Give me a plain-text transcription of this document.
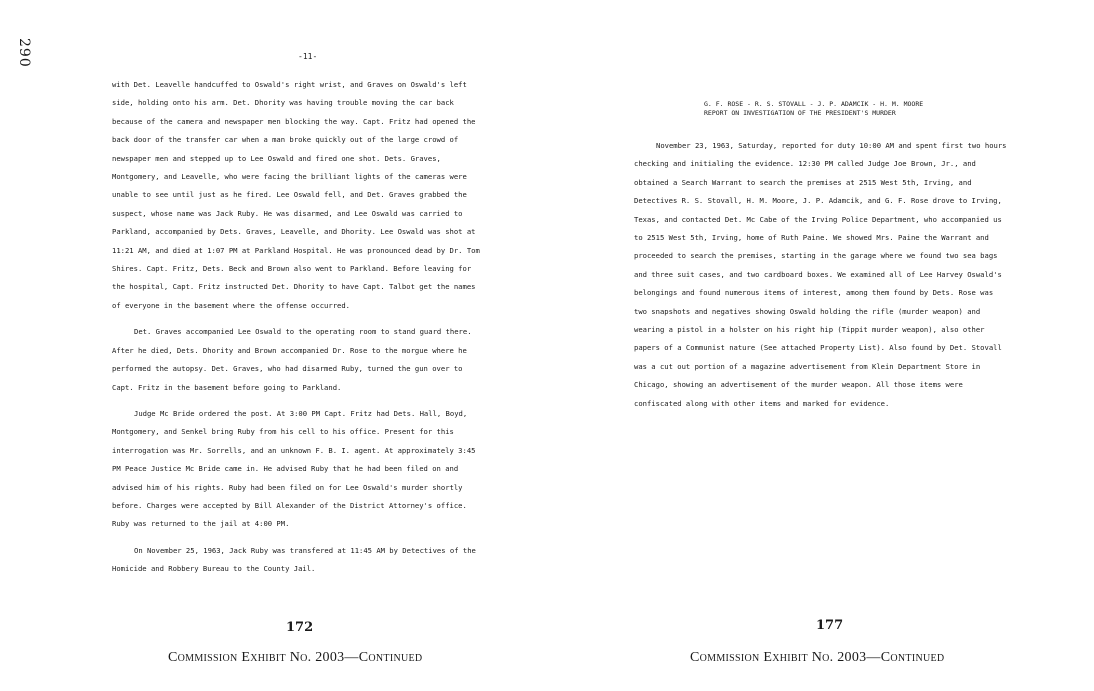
290	-11-

with Det. Leavelle handcuffed to Oswald's right wrist, and Graves on Oswald's left side, holding onto his arm. Det. Dhority was having trouble moving the car back because of the camera and newspaper men blocking the way. Capt. Fritz had opened the back door of the transfer car when a man broke quickly out of the large crowd of newspaper men and stepped up to Lee Oswald and fired one shot. Dets. Graves, Montgomery, and Leavelle, who were facing the brilliant lights of the cameras were unable to see until just as he fired. Lee Oswald fell, and Det. Graves grabbed the suspect, whose name was Jack Ruby. He was disarmed, and Lee Oswald was carried to Parkland, accompanied by Dets. Graves, Leavelle, and Dhority. Lee Oswald was shot at 11:21 AM, and died at 1:07 PM at Parkland Hospital. He was pronounced dead by Dr. Tom Shires. Capt. Fritz, Dets. Beck and Brown also went to Parkland. Before leaving for the hospital, Capt. Fritz instructed Det. Dhority to have Capt. Talbot get the names of everyone in the basement where the offense occurred.

Det. Graves accompanied Lee Oswald to the operating room to stand guard there. After he died, Dets. Dhority and Brown accompanied Dr. Rose to the morgue where he performed the autopsy. Det. Graves, who had disarmed Ruby, turned the gun over to Capt. Fritz in the basement before going to Parkland.

Judge Mc Bride ordered the post. At 3:00 PM Capt. Fritz had Dets. Hall, Boyd, Montgomery, and Senkel bring Ruby from his cell to his office. Present for this interrogation was Mr. Sorrells, and an unknown F. B. I. agent. At approximately 3:45 PM Peace Justice Mc Bride came in. He advised Ruby that he had been filed on and advised him of his rights. Ruby had been filed on for Lee Oswald's murder shortly before. Charges were accepted by Bill Alexander of the District Attorney's office. Ruby was returned to the jail at 4:00 PM.

On November 25, 1963, Jack Ruby was transfered at 11:45 AM by Detectives of the Homicide and Robbery Bureau to the County Jail.

172
Commission Exhibit No. 2003—Continued
G. F. ROSE - R. S. STOVALL - J. P. ADAMCIK - H. M. MOORE
REPORT ON INVESTIGATION OF THE PRESIDENT'S MURDER

November 23, 1963, Saturday, reported for duty 10:00 AM and spent first two hours checking and initialing the evidence. 12:30 PM called Judge Joe Brown, Jr., and obtained a Search Warrant to search the premises at 2515 West 5th, Irving, and Detectives R. S. Stovall, H. M. Moore, J. P. Adamcik, and G. F. Rose drove to Irving, Texas, and contacted Det. Mc Cabe of the Irving Police Department, who accompanied us to 2515 West 5th, Irving, home of Ruth Paine. We showed Mrs. Paine the Warrant and proceeded to search the premises, starting in the garage where we found two sea bags and three suit cases, and two cardboard boxes. We examined all of Lee Harvey Oswald's belongings and found numerous items of interest, among them found by Dets. Rose was two snapshots and negatives showing Oswald holding the rifle (murder weapon) and wearing a pistol in a holster on his right hip (Tippit murder weapon), also other papers of a Communist nature (See attached Property List). Also found by Det. Stovall was a cut out portion of a magazine advertisement from Klein Department Store in Chicago, showing an advertisement of the murder weapon. All those items were confiscated along with other items and marked for evidence.

177
Commission Exhibit No. 2003—Continued
